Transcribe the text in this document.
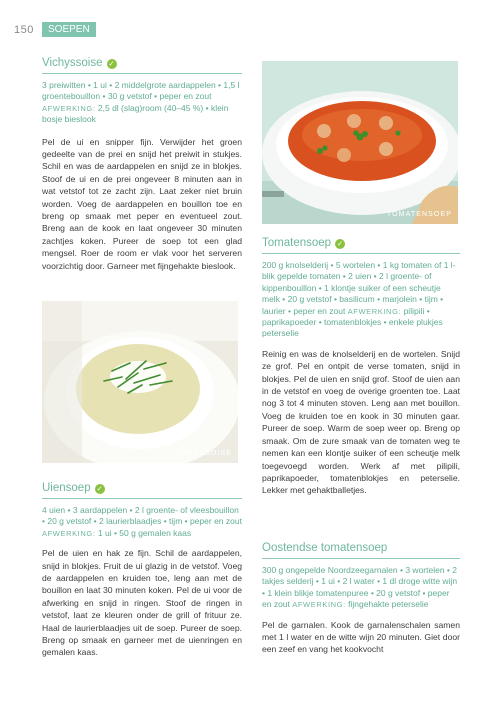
150	SOEPEN
Vichyssoise ✓
3 preiwitten • 1 ui • 2 middelgrote aardappelen • 1,5 l groentebouillon • 30 g vetstof • peper en zout AFWERKING: 2,5 dl (slag)room (40–45 %) • klein bosje bieslook

Pel de ui en snipper fijn. Verwijder het groen gedeelte van de prei en snijd het preiwit in stukjes. Schil en was de aardappelen en snijd ze in blokjes. Stoof de ui en de prei ongeveer 8 minuten aan in wat vetstof tot ze zacht zijn. Laat zeker niet bruin worden. Voeg de aardappelen en bouillon toe en breng op smaak met peper en eventueel zout. Breng aan de kook en laat ongeveer 30 minuten zachtjes koken. Pureer de soep tot een glad mengsel. Roer de room er vlak voor het serveren voorzichtig door. Garneer met fijngehakte bieslook.

VICHYSSOISE
Uiensoep ✓
4 uien • 3 aardappelen • 2 l groente- of vleesbouillon • 20 g vetstof • 2 laurierblaadjes • tijm • peper en zout AFWERKING: 1 ui • 50 g gemalen kaas

Pel de uien en hak ze fijn. Schil de aardappelen, snijd in blokjes. Fruit de ui glazig in de vetstof. Voeg de aardappelen en kruiden toe, leng aan met de bouillon en laat 30 minuten koken. Pel de ui voor de afwerking en snijd in ringen. Stoof de ringen in vetstof, laat ze kleuren onder de grill of frituur ze. Haal de laurierblaadjes uit de soep. Pureer de soep. Breng op smaak en garneer met de uienringen en gemalen kaas.

TOMATENSOEP
Tomatensoep ✓
200 g knolselderij • 5 wortelen • 1 kg tomaten of 1 l-blik gepelde tomaten • 2 uien • 2 l groente- of kippenbouillon • 1 klontje suiker of een scheutje melk • 20 g vetstof • basilicum • marjolein • tijm • laurier • peper en zout AFWERKING: pilipili • paprikapoeder • tomatenblokjes • enkele plukjes peterselie

Reinig en was de knolselderij en de wortelen. Snijd ze grof. Pel en ontpit de verse tomaten, snijd in blokjes. Pel de uien en snijd grof. Stoof de uien aan in de vetstof en voeg de overige groenten toe. Laat nog 3 tot 4 minuten stoven. Leng aan met bouillon. Voeg de kruiden toe en kook in 30 minuten gaar. Pureer de soep. Warm de soep weer op. Breng op smaak. Om de zure smaak van de tomaten weg te nemen kan een klontje suiker of een scheutje melk toegevoegd worden. Werk af met pilipili, paprikapoeder, tomatenblokjes en peterselie. Lekker met gehaktballetjes.

Oostendse tomatensoep
300 g ongepelde Noordzeegarnalen • 3 wortelen • 2 takjes selderij • 1 ui • 2 l water • 1 dl droge witte wijn • 1 klein blikje tomatenpuree • 20 g vetstof • peper en zout AFWERKING: fijngehakte peterselie

Pel de garnalen. Kook de garnalenschalen samen met 1 l water en de witte wijn 20 minuten. Giet door een zeef en vang het kookvocht
